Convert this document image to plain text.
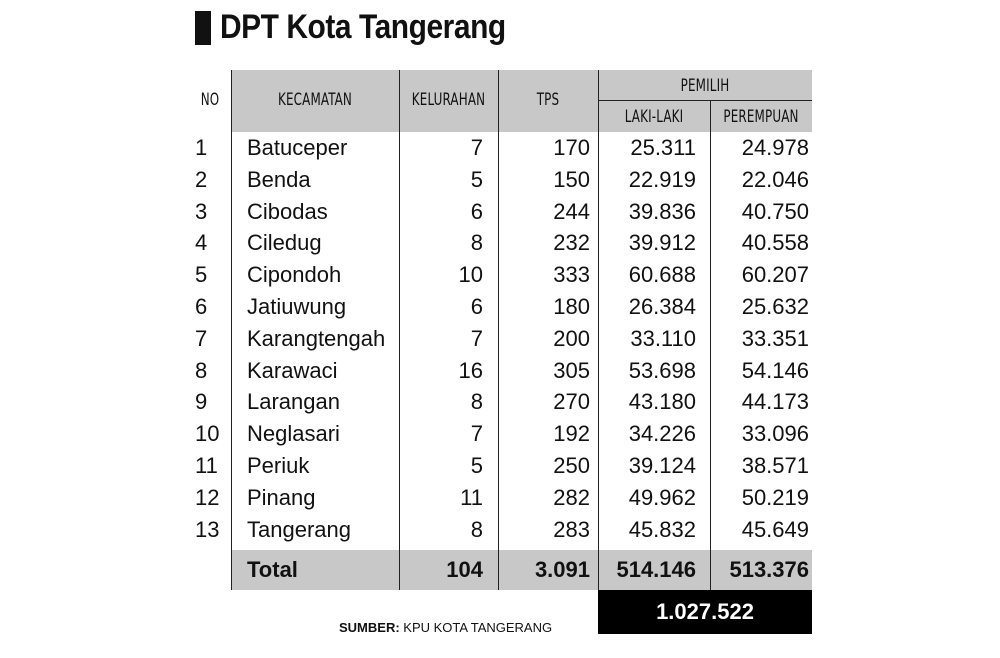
DPT Kota Tangerang
NO	KECAMATAN	KELURAHAN	TPS
PEMILIH
LAKI-LAKI	PEREMPUAN
1	Batuceper	7	170	25.311	24.978
2	Benda	5	150	22.919	22.046
3	Cibodas	6	244	39.836	40.750
4	Ciledug	8	232	39.912	40.558
5	Cipondoh	10	333	60.688	60.207
6	Jatiuwung	6	180	26.384	25.632
7	Karangtengah	7	200	33.110	33.351
8	Karawaci	16	305	53.698	54.146
9	Larangan	8	270	43.180	44.173
10 Neglasari	7	192	34.226	33.096
11	Periuk	5	250	39.124	38.571
12 Pinang	11	282	49.962	50.219
13 Tangerang	8	283	45.832	45.649
Total	104	3.091	514.146	513.376
1.027.522
SUMBER: KPU KOTA TANGERANG
